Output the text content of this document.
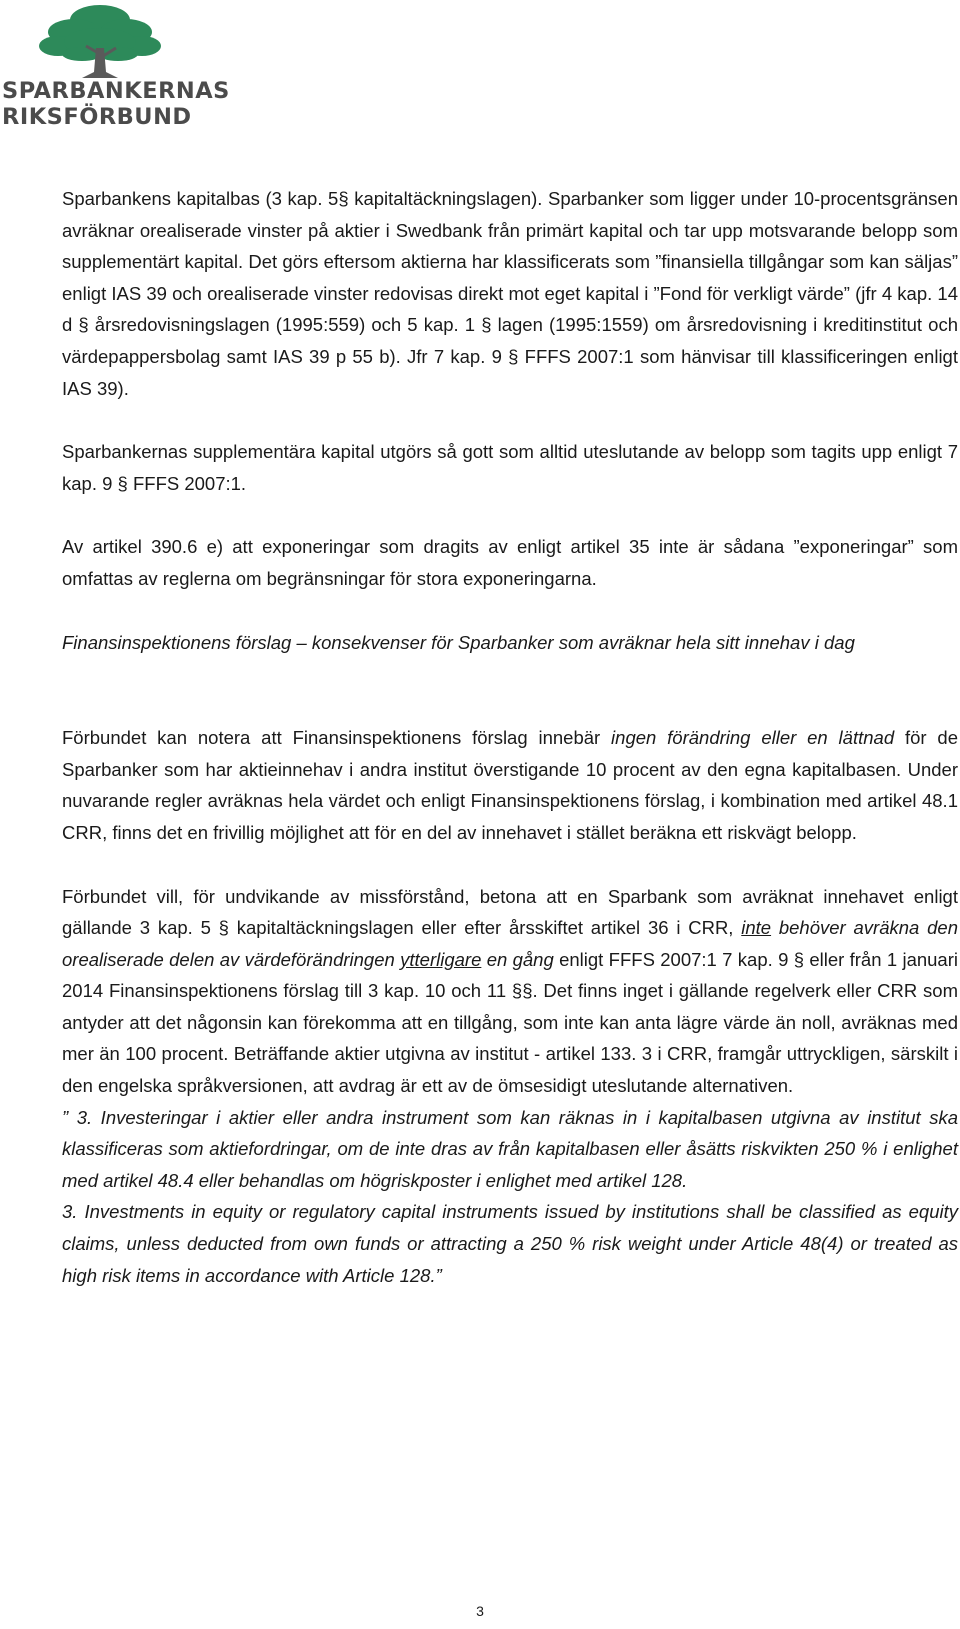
SPARBANKERNAS
RIKSFÖRBUND

Sparbankens kapitalbas (3 kap. 5§ kapitaltäckningslagen). Sparbanker som ligger under 10-procentsgränsen avräknar orealiserade vinster på aktier i Swedbank från primärt kapital och tar upp motsvarande belopp som supplementärt kapital. Det görs eftersom aktierna har klassificerats som ”finansiella tillgångar som kan säljas” enligt IAS 39 och orealiserade vinster redovisas direkt mot eget kapital i ”Fond för verkligt värde” (jfr 4 kap. 14 d § årsredovisningslagen (1995:559) och 5 kap. 1 § lagen (1995:1559) om årsredovisning i kreditinstitut och värdepappersbolag samt IAS 39 p 55 b). Jfr 7 kap. 9 § FFFS 2007:1 som hänvisar till klassificeringen enligt IAS 39).

Sparbankernas supplementära kapital utgörs så gott som alltid uteslutande av belopp som tagits upp enligt 7 kap. 9 § FFFS 2007:1.

Av artikel 390.6 e) att exponeringar som dragits av enligt artikel 35 inte är sådana ”exponeringar” som omfattas av reglerna om begränsningar för stora exponeringarna.

Finansinspektionens förslag – konsekvenser för Sparbanker som avräknar hela sitt innehav i dag

Förbundet kan notera att Finansinspektionens förslag innebär ingen förändring eller en lättnad för de Sparbanker som har aktieinnehav i andra institut överstigande 10 procent av den egna kapitalbasen. Under nuvarande regler avräknas hela värdet och enligt Finansinspektionens förslag, i kombination med artikel 48.1 CRR, finns det en frivillig möjlighet att för en del av innehavet i stället beräkna ett riskvägt belopp.

Förbundet vill, för undvikande av missförstånd, betona att en Sparbank som avräknat innehavet enligt gällande 3 kap. 5 § kapitaltäckningslagen eller efter årsskiftet artikel 36 i CRR, inte behöver avräkna den orealiserade delen av värdeförändringen ytterligare en gång enligt FFFS 2007:1 7 kap. 9 § eller från 1 januari 2014 Finansinspektionens förslag till 3 kap. 10 och 11 §§. Det finns inget i gällande regelverk eller CRR som antyder att det någonsin kan förekomma att en tillgång, som inte kan anta lägre värde än noll, avräknas med mer än 100 procent. Beträffande aktier utgivna av institut - artikel 133. 3 i CRR, framgår uttryckligen, särskilt i den engelska språkversionen, att avdrag är ett av de ömsesidigt uteslutande alternativen.

” 3. Investeringar i aktier eller andra instrument som kan räknas in i kapitalbasen utgivna av institut ska klassificeras som aktiefordringar, om de inte dras av från kapitalbasen eller åsätts riskvikten 250 % i enlighet med artikel 48.4 eller behandlas om högriskposter i enlighet med artikel 128.

3. Investments in equity or regulatory capital instruments issued by institutions shall be classified as equity claims, unless deducted from own funds or attracting a 250 % risk weight under Article 48(4) or treated as high risk items in accordance with Article 128.”

3
